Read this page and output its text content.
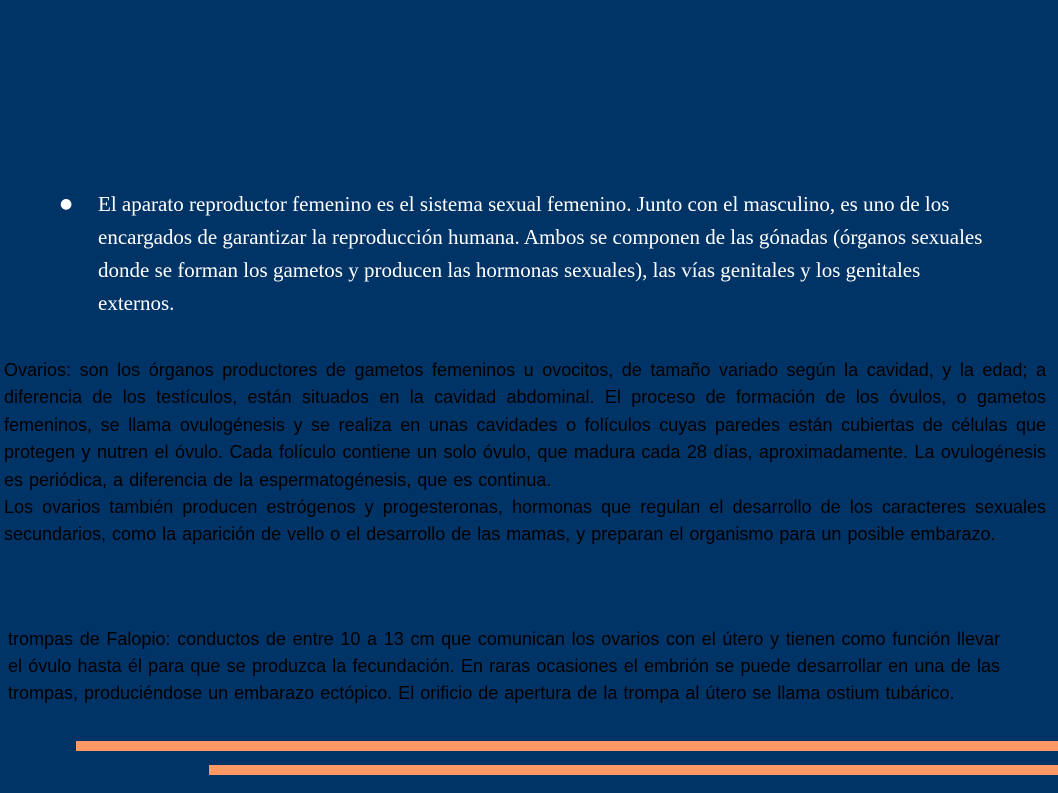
● El aparato reproductor femenino es el sistema sexual femenino. Junto con el masculino, es uno de los encargados de garantizar la reproducción humana. Ambos se componen de las gónadas (órganos sexuales donde se forman los gametos y producen las hormonas sexuales), las vías genitales y los genitales externos.
Ovarios: son los órganos productores de gametos femeninos u ovocitos, de tamaño variado según la cavidad, y la edad; a diferencia de los testículos, están situados en la cavidad abdominal. El proceso de formación de los óvulos, o gametos femeninos, se llama ovulogénesis y se realiza en unas cavidades o folículos cuyas paredes están cubiertas de células que protegen y nutren el óvulo. Cada folículo contiene un solo óvulo, que madura cada 28 días, aproximadamente. La ovulogénesis es periódica, a diferencia de la espermatogénesis, que es continua.
Los ovarios también producen estrógenos y progesteronas, hormonas que regulan el desarrollo de los caracteres sexuales secundarios, como la aparición de vello o el desarrollo de las mamas, y preparan el organismo para un posible embarazo.
trompas de Falopio: conductos de entre 10 a 13 cm que comunican los ovarios con el útero y tienen como función llevar el óvulo hasta él para que se produzca la fecundación. En raras ocasiones el embrión se puede desarrollar en una de las trompas, produciéndose un embarazo ectópico. El orificio de apertura de la trompa al útero se llama ostium tubárico.
